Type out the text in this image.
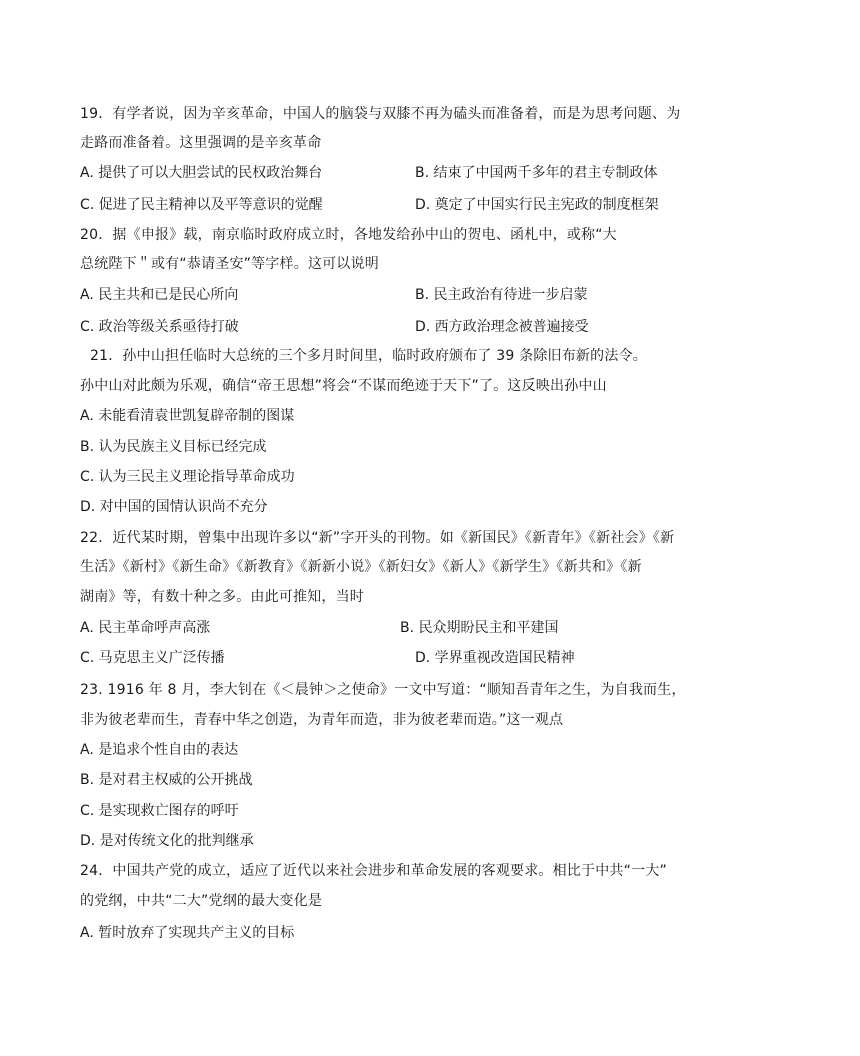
19．有学者说，因为辛亥革命，中国人的脑袋与双膝不再为磕头而准备着，而是为思考问题、为
走路而准备着。这里强调的是辛亥革命
A. 提供了可以大胆尝试的民权政治舞台	B. 结束了中国两千多年的君主专制政体
C. 促进了民主精神以及平等意识的觉醒	D. 奠定了中国实行民主宪政的制度框架
20．据《申报》载，南京临时政府成立时，各地发给孙中山的贺电、函札中，或称“大
总统陛下＂或有“恭请圣安”等字样。这可以说明
A. 民主共和已是民心所向	B. 民主政治有待进一步启蒙
C. 政治等级关系亟待打破	D. 西方政治理念被普遍接受
21．孙中山担任临时大总统的三个多月时间里，临时政府颁布了 39 条除旧布新的法令。
孙中山对此颇为乐观，确信“帝王思想”将会“不谋而绝迹于天下”了。这反映出孙中山
A. 未能看清袁世凯复辟帝制的图谋
B. 认为民族主义目标已经完成
C. 认为三民主义理论指导革命成功
D. 对中国的国情认识尚不充分
22．近代某时期，曾集中出现许多以“新”字开头的刊物。如《新国民》《新青年》《新社会》《新
生活》《新村》《新生命》《新教育》《新新小说》《新妇女》《新人》《新学生》《新共和》《新
湖南》等，有数十种之多。由此可推知，当时
A. 民主革命呼声高涨	B. 民众期盼民主和平建国
C. 马克思主义广泛传播	D. 学界重视改造国民精神
23. 1916 年 8 月，李大钊在《＜晨钟＞之使命》一文中写道：“顺知吾青年之生，为自我而生，
非为彼老辈而生，青春中华之创造，为青年而造，非为彼老辈而造。”这一观点
A. 是追求个性自由的表达
B. 是对君主权威的公开挑战
C. 是实现救亡图存的呼吁
D. 是对传统文化的批判继承
24．中国共产党的成立，适应了近代以来社会进步和革命发展的客观要求。相比于中共“一大”
的党纲，中共“二大”党纲的最大变化是
A. 暂时放弃了实现共产主义的目标
